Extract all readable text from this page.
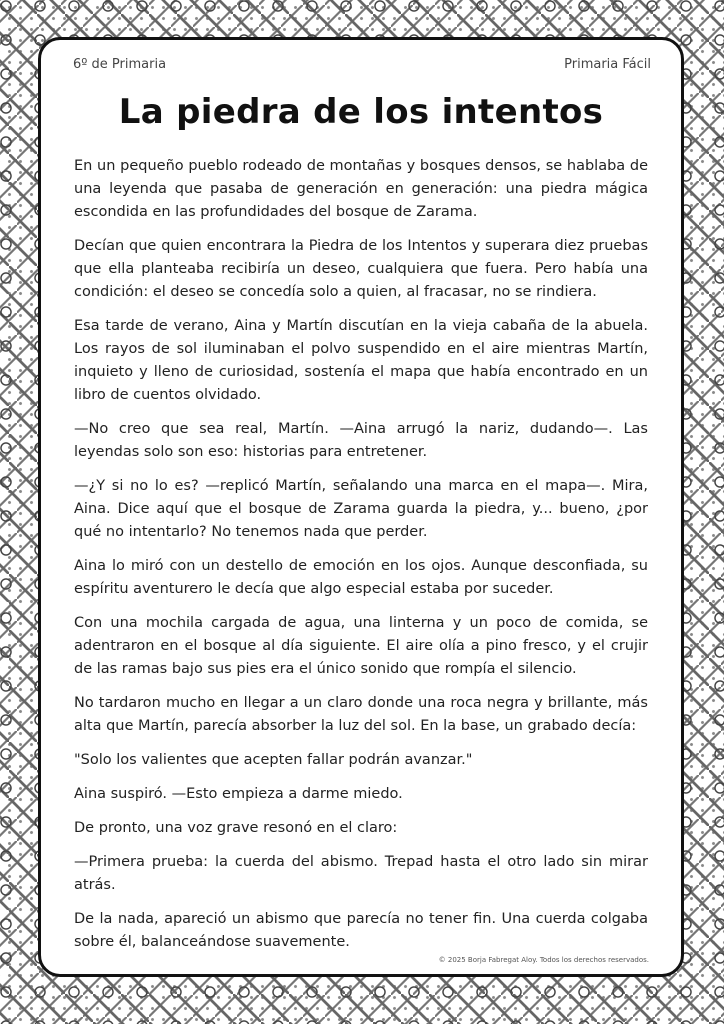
6º de Primaria	Primaria Fácil
La piedra de los intentos

En un pequeño pueblo rodeado de montañas y bosques densos, se hablaba de una leyenda que pasaba de generación en generación: una piedra mágica escondida en las profundidades del bosque de Zarama.

Decían que quien encontrara la Piedra de los Intentos y superara diez pruebas que ella planteaba recibiría un deseo, cualquiera que fuera. Pero había una condición: el deseo se concedía solo a quien, al fracasar, no se rindiera.

Esa tarde de verano, Aina y Martín discutían en la vieja cabaña de la abuela. Los rayos de sol iluminaban el polvo suspendido en el aire mientras Martín, inquieto y lleno de curiosidad, sostenía el mapa que había encontrado en un libro de cuentos olvidado.

—No creo que sea real, Martín. —Aina arrugó la nariz, dudando—. Las leyendas solo son eso: historias para entretener.

—¿Y si no lo es? —replicó Martín, señalando una marca en el mapa—. Mira, Aina. Dice aquí que el bosque de Zarama guarda la piedra, y... bueno, ¿por qué no intentarlo? No tenemos nada que perder.

Aina lo miró con un destello de emoción en los ojos. Aunque desconfiada, su espíritu aventurero le decía que algo especial estaba por suceder.

Con una mochila cargada de agua, una linterna y un poco de comida, se adentraron en el bosque al día siguiente. El aire olía a pino fresco, y el crujir de las ramas bajo sus pies era el único sonido que rompía el silencio.

No tardaron mucho en llegar a un claro donde una roca negra y brillante, más alta que Martín, parecía absorber la luz del sol. En la base, un grabado decía:

"Solo los valientes que acepten fallar podrán avanzar."

Aina suspiró. —Esto empieza a darme miedo.

De pronto, una voz grave resonó en el claro:

—Primera prueba: la cuerda del abismo. Trepad hasta el otro lado sin mirar atrás.

De la nada, apareció un abismo que parecía no tener fin. Una cuerda colgaba sobre él, balanceándose suavemente.

© 2025 Borja Fabregat Aloy. Todos los derechos reservados.
